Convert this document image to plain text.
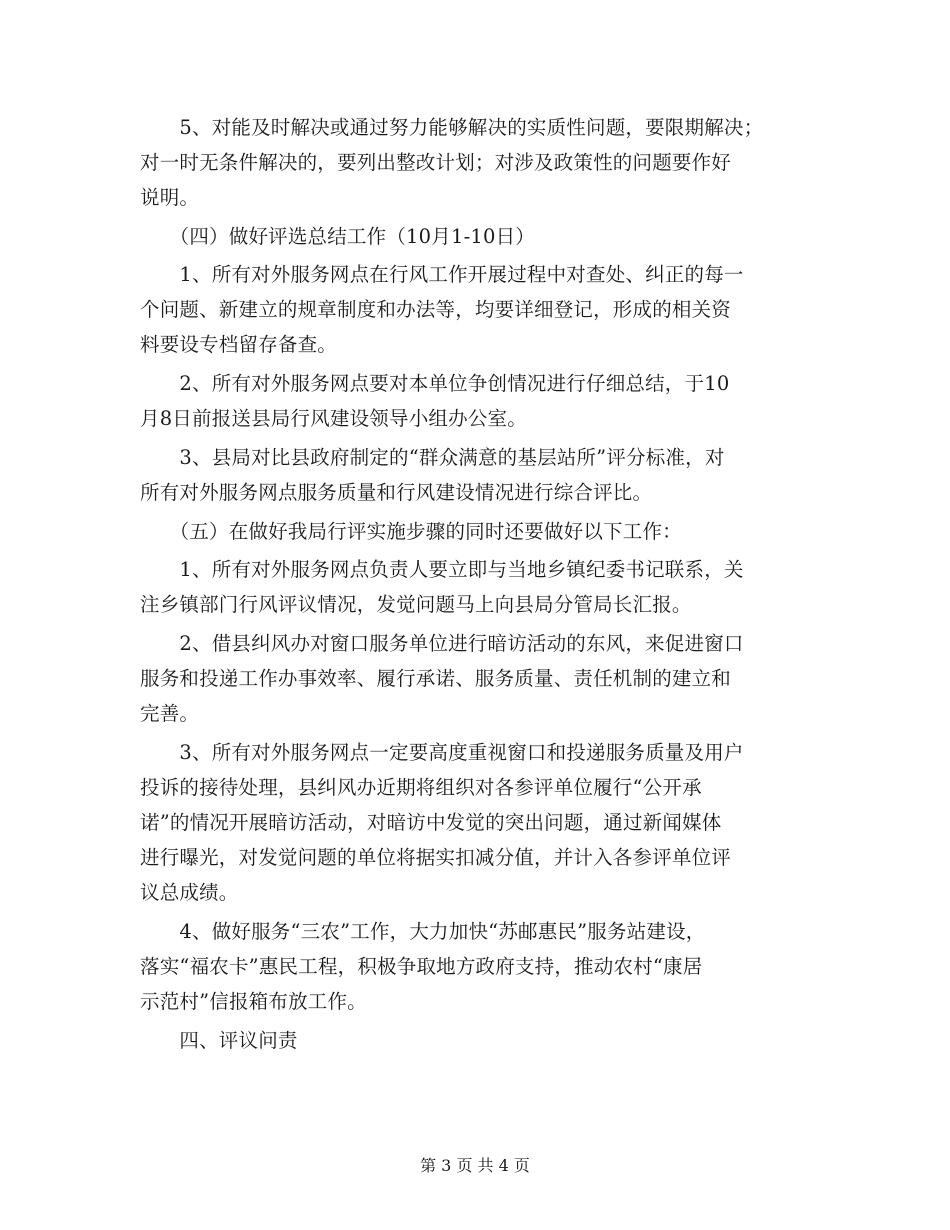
　　5、对能及时解决或通过努力能够解决的实质性问题，要限期解决；
对一时无条件解决的，要列出整改计划；对涉及政策性的问题要作好
说明。
　　（四）做好评选总结工作（10月1-10日）
　　1、所有对外服务网点在行风工作开展过程中对查处、纠正的每一
个问题、新建立的规章制度和办法等，均要详细登记，形成的相关资
料要设专档留存备查。
　　2、所有对外服务网点要对本单位争创情况进行仔细总结，于10
月8日前报送县局行风建设领导小组办公室。
　　3、县局对比县政府制定的“群众满意的基层站所”评分标准，对
所有对外服务网点服务质量和行风建设情况进行综合评比。
　　（五）在做好我局行评实施步骤的同时还要做好以下工作：
　　1、所有对外服务网点负责人要立即与当地乡镇纪委书记联系，关
注乡镇部门行风评议情况，发觉问题马上向县局分管局长汇报。
　　2、借县纠风办对窗口服务单位进行暗访活动的东风，来促进窗口
服务和投递工作办事效率、履行承诺、服务质量、责任机制的建立和
完善。
　　3、所有对外服务网点一定要高度重视窗口和投递服务质量及用户
投诉的接待处理，县纠风办近期将组织对各参评单位履行“公开承
诺”的情况开展暗访活动，对暗访中发觉的突出问题，通过新闻媒体
进行曝光，对发觉问题的单位将据实扣减分值，并计入各参评单位评
议总成绩。
　　4、做好服务“三农”工作，大力加快“苏邮惠民”服务站建设，
落实“福农卡”惠民工程，积极争取地方政府支持，推动农村“康居
示范村”信报箱布放工作。
　　四、评议问责
第 3 页 共 4 页
